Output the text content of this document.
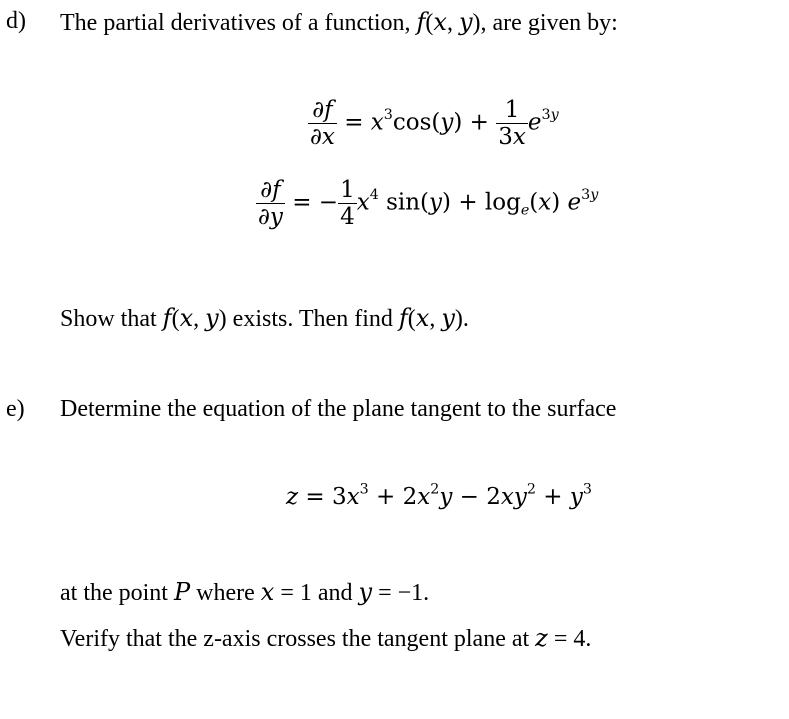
d) The partial derivatives of a function, f(x, y), are given by:
$\frac{\partial f}{\partial x} = x^3\cos(y) + \frac{1}{3x} e^{3y}$
$\frac{\partial f}{\partial y}$ = − $\frac{1}{4} x^4$ $\sin(y) + \log_e(x)$ $e^{3y}$
Show that f(x, y) exists. Then find f(x, y).
e) Determine the equation of the plane tangent to the surface
$z = 3x^3 + 2x^2y - 2xy^2 + y^3$
at the point P where x = 1 and y = −1.
Verify that the z-axis crosses the tangent plane at z = 4.
